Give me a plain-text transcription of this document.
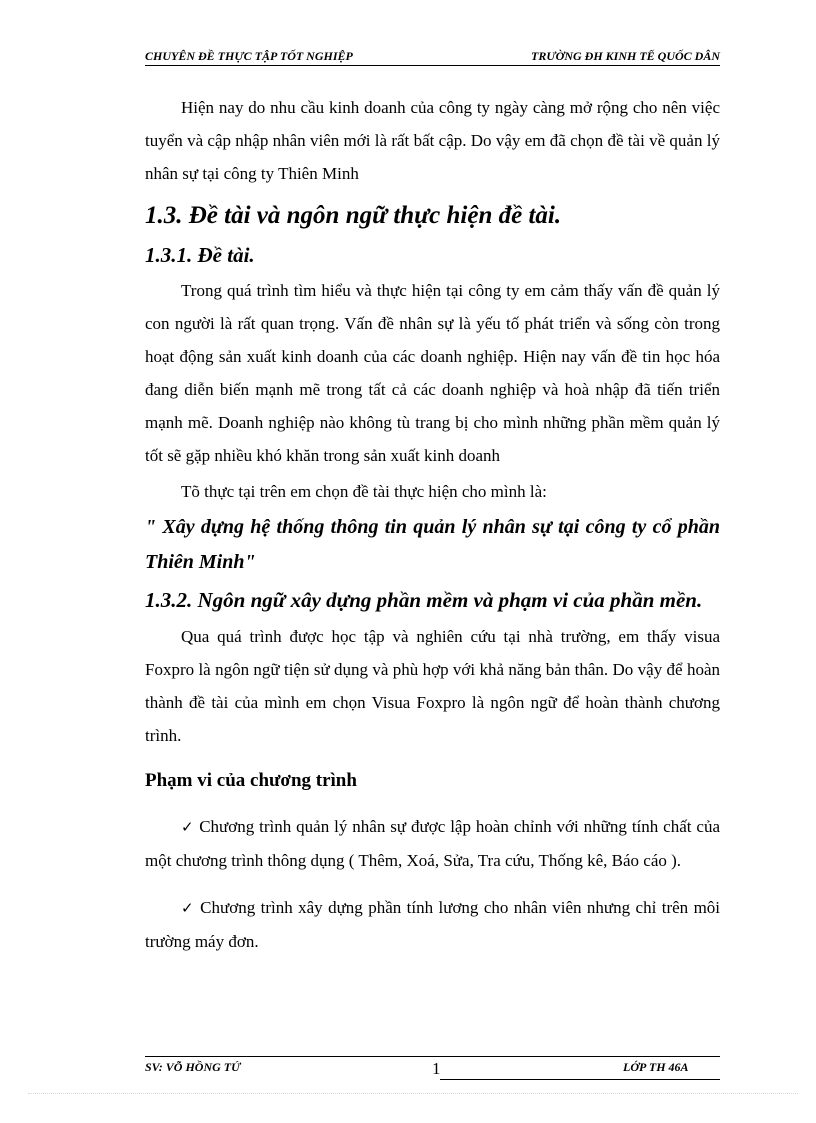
CHUYÊN ĐỀ THỰC TẬP TỐT NGHIỆP	TRƯỜNG ĐH KINH TẾ QUỐC DÂN

Hiện nay do nhu cầu kinh doanh của công ty ngày càng mở rộng cho nên việc tuyển và cập nhập nhân viên mới là rất bất cập. Do vậy em đã chọn đề tài về quản lý nhân sự tại công ty Thiên Minh

1.3. Đề tài và ngôn ngữ thực hiện đề tài.

1.3.1. Đề tài.

Trong quá trình tìm hiểu và thực hiện tại công ty em cảm thấy vấn đề quản lý con người là rất quan trọng. Vấn đề nhân sự là yếu tố phát triển và sống còn trong hoạt động sản xuất kinh doanh của các doanh nghiệp. Hiện nay vấn đề tin học hóa đang diễn biến mạnh mẽ trong tất cả các doanh nghiệp và hoà nhập đã tiến triển mạnh mẽ. Doanh nghiệp nào không tù trang bị cho mình những phần mềm quản lý tốt sẽ gặp nhiều khó khăn trong sản xuất kinh doanh

Tõ thực tại trên em chọn đề tài thực hiện cho mình là:

" Xây dựng hệ thống thông tin quản lý nhân sự tại công ty cổ phần Thiên Minh"

1.3.2. Ngôn ngữ xây dựng phần mềm và phạm vi của phần mền.

Qua quá trình được học tập và nghiên cứu tại nhà trường, em thấy visua Foxpro là ngôn ngữ tiện sử dụng và phù hợp với khả năng bản thân. Do vậy để hoàn thành đề tài của mình em chọn Visua Foxpro là ngôn ngữ để hoàn thành chương trình.

Phạm vi của chương trình

✓ Chương trình quản lý nhân sự được lập hoàn chỉnh với những tính chất của một chương trình thông dụng ( Thêm, Xoá, Sửa, Tra cứu, Thống kê, Báo cáo ).

✓ Chương trình xây dựng phần tính lương cho nhân viên nhưng chỉ trên môi trường máy đơn.

SV: VÕ HỒNG TỨ	1	LỚP TH 46A
